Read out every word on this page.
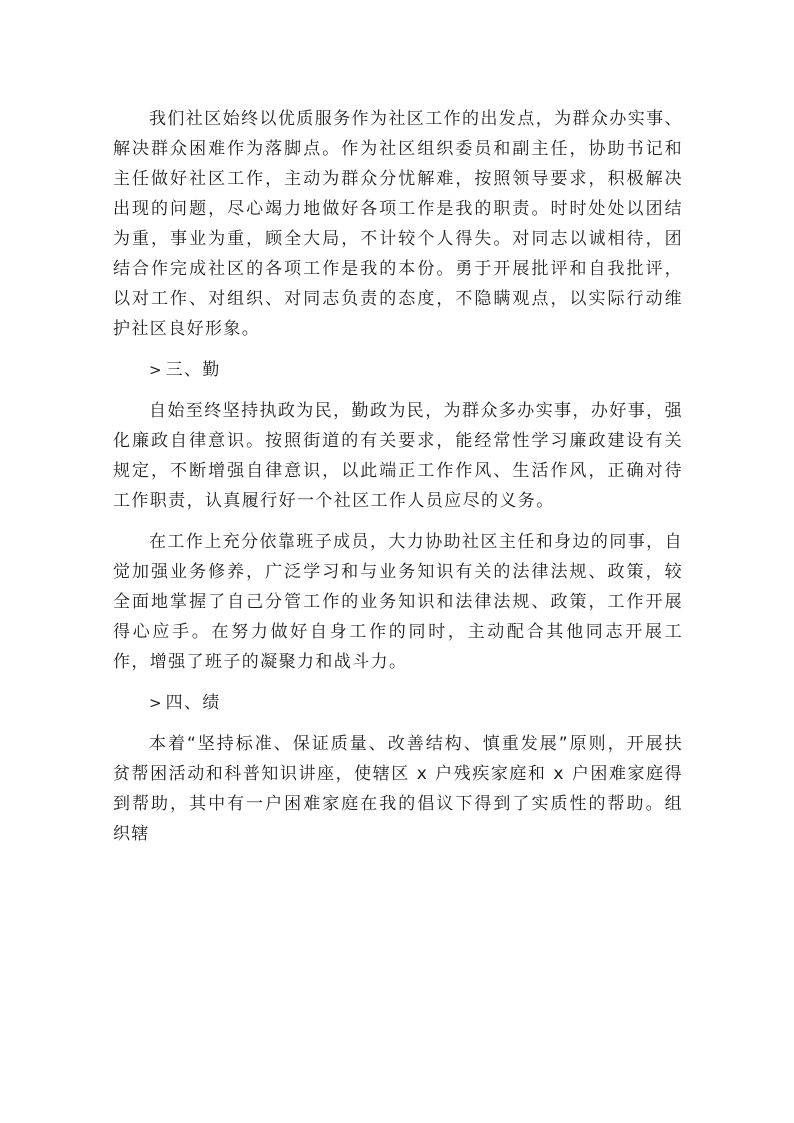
我们社区始终以优质服务作为社区工作的出发点，为群众办实事、解决群众困难作为落脚点。作为社区组织委员和副主任，协助书记和主任做好社区工作，主动为群众分忧解难，按照领导要求，积极解决出现的问题，尽心竭力地做好各项工作是我的职责。时时处处以团结为重，事业为重，顾全大局，不计较个人得失。对同志以诚相待，团结合作完成社区的各项工作是我的本份。勇于开展批评和自我批评，以对工作、对组织、对同志负责的态度，不隐瞒观点，以实际行动维护社区良好形象。

> 三、勤

自始至终坚持执政为民，勤政为民，为群众多办实事，办好事，强化廉政自律意识。按照街道的有关要求，能经常性学习廉政建设有关规定，不断增强自律意识，以此端正工作作风、生活作风，正确对待工作职责，认真履行好一个社区工作人员应尽的义务。

在工作上充分依靠班子成员，大力协助社区主任和身边的同事，自觉加强业务修养，广泛学习和与业务知识有关的法律法规、政策，较全面地掌握了自己分管工作的业务知识和法律法规、政策，工作开展得心应手。在努力做好自身工作的同时，主动配合其他同志开展工作，增强了班子的凝聚力和战斗力。

> 四、绩

本着“坚持标准、保证质量、改善结构、慎重发展”原则，开展扶贫帮困活动和科普知识讲座，使辖区 x 户残疾家庭和 x 户困难家庭得到帮助，其中有一户困难家庭在我的倡议下得到了实质性的帮助。组织辖
